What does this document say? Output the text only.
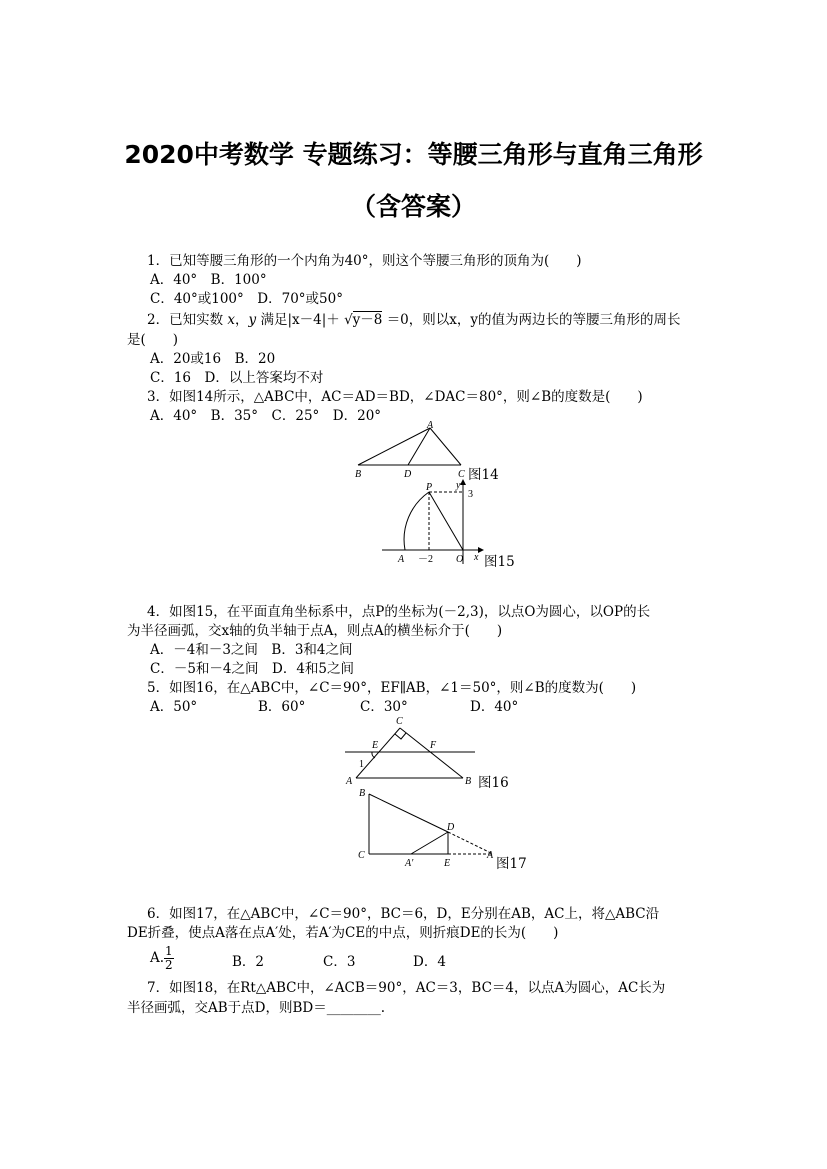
2020中考数学 专题练习：等腰三角形与直角三角形
（含答案）
1．已知等腰三角形的一个内角为40°，则这个等腰三角形的顶角为(　　)
A．40°　B．100°
C．40°或100°　D．70°或50°
2．已知实数 x，y 满足|x－4|＋ √y－8 ＝0，则以x，y的值为两边长的等腰三角形的周长
是(　　)
A．20或16　B．20
C．16　D．以上答案均不对
3．如图14所示，△ABC中，AC＝AD＝BD，∠DAC＝80°，则∠B的度数是(　　)
A．40°　B．35°　C．25°　D．20°
A
B	D	C 图14
P
A	O
3
－2	x
y
图15
4．如图15，在平面直角坐标系中，点P的坐标为(－2,3)，以点O为圆心，以OP的长
为半径画弧，交x轴的负半轴于点A，则点A的横坐标介于(　　)
A．－4和－3之间　B．3和4之间
C．－5和－4之间　D．4和5之间
5．如图16，在△ABC中，∠C＝90°，EF∥AB，∠1＝50°，则∠B的度数为(　　)
A．50°	B．60°	C．30°	D．40°
C
E	F
A	B
1
图16
B
D
C
A′	E
A
图17
6．如图17，在△ABC中，∠C＝90°，BC＝6，D，E分别在AB，AC上，将△ABC沿
DE折叠，使点A落在点A′处，若A′为CE的中点，则折痕DE的长为(　　)
A. $\frac{1}{2}$	B．2	C．3	D．4
7．如图18，在Rt△ABC中，∠ACB＝90°，AC＝3，BC＝4，以点A为圆心，AC长为
半径画弧，交AB于点D，则BD＝________.
